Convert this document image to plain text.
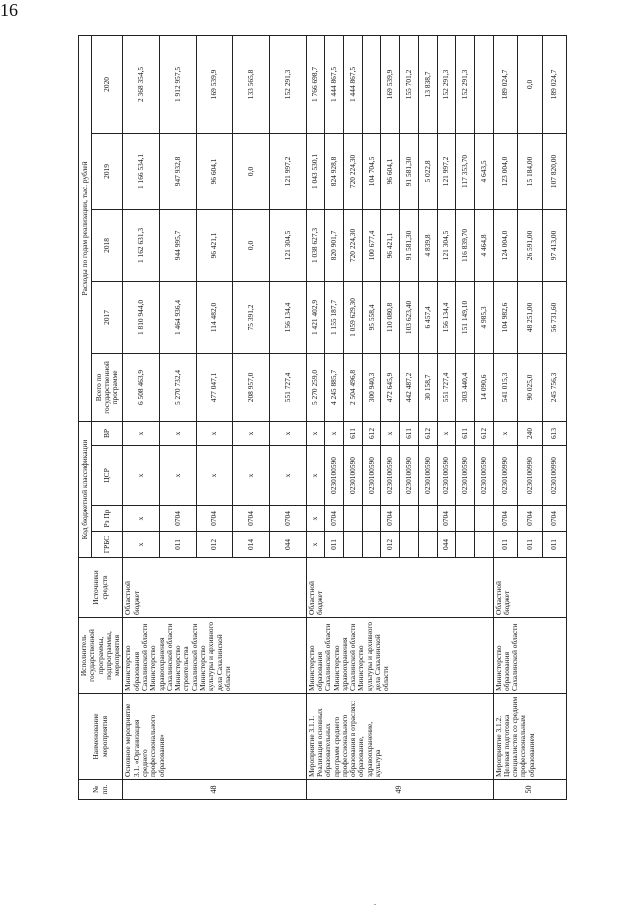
16
№ пп.	Наименование мероприятия	Исполнитель государственной программы, подпрограммы, мероприятия	Источники средств	Код бюджетной классификации				Расходы по годам реализации, тыс. рублей				
				ГРБС	Рз Пр	ЦСР	ВР	Всего по государственной программе	2017	2018	2019	2020
48	Основное мероприятие 3.1. «Организация среднего профессионального образования»	Министерство образования Сахалинской области Министерство здравоохранения Сахалинской области Министерство строительства Сахалинской области Министерство культуры и архивного дела Сахалинской области	Областной бюджет	х	х	х	х	6 508 463,9	1 810 944,0	1 162 631,3	1 166 534,1	2 368 354,5
				011	0704	х	х	5 270 732,4	1 464 936,4	944 995,7	947 932,8	1 912 957,5
				012	0704	х	х	477 047,1	114 482,0	96 421,1	96 604,1	169 539,9
				014	0704	х	х	208 957,0	75 391,2	0,0	0,0	133 565,8
				044	0704	х	х	551 727,4	156 134,4	121 304,5	121 997,2	152 291,3
49	Мероприятие 3.1.1. Реализация основных образовательных программ среднего профессионального образования в отраслях: образование, здравоохранение, культура	Министерство образования Сахалинской области Министерство здравоохранения Сахалинской области Министерство культуры и архивного дела Сахалинской области	Областной бюджет	х	х	х	х	5 270 259,0	1 421 402,9	1 038 627,3	1 043 530,1	1 766 698,7
				011	0704	0230100590	х	4 245 885,7	1 155 187,7	820 901,7	824 928,8	1 444 867,5
						0230100590	611	2 504 496,8	1 059 629,30	720 224,30	720 224,30	1 444 867,5
						0230100590	612	300 940,3	95 558,4	100 677,4	104 704,5	
				012	0704	0230100590	х	472 645,9	110 080,8	96 421,1	96 604,1	169 539,9
						0230100590	611	442 487,2	103 623,40	91 581,30	91 581,30	155 701,2
						0230100590	612	30 158,7	6 457,4	4 839,8	5 022,8	13 838,7
				044	0704	0230100590	х	551 727,4	156 134,4	121 304,5	121 997,2	152 291,3
						0230100590	611	303 440,4	151 149,10	116 839,70	117 353,70	152 291,3
						0230100590	612	14 090,6	4 985,3	4 464,8	4 643,5	
50	Мероприятие 3.1.2. Целевая подготовка специалистов со средним профессиональным образованием	Министерство образования Сахалинской области	Областной бюджет	011	0704	0230100990	х	541 015,3	104 982,6	124 004,0	123 004,0	189 024,7
				011	0704	0230100990	240	90 025,0	48 251,00	26 591,00	15 184,00	0,0
				011	0704	0230100990	613	245 756,3	56 731,60	97 413,00	107 820,00	189 024,7
.
